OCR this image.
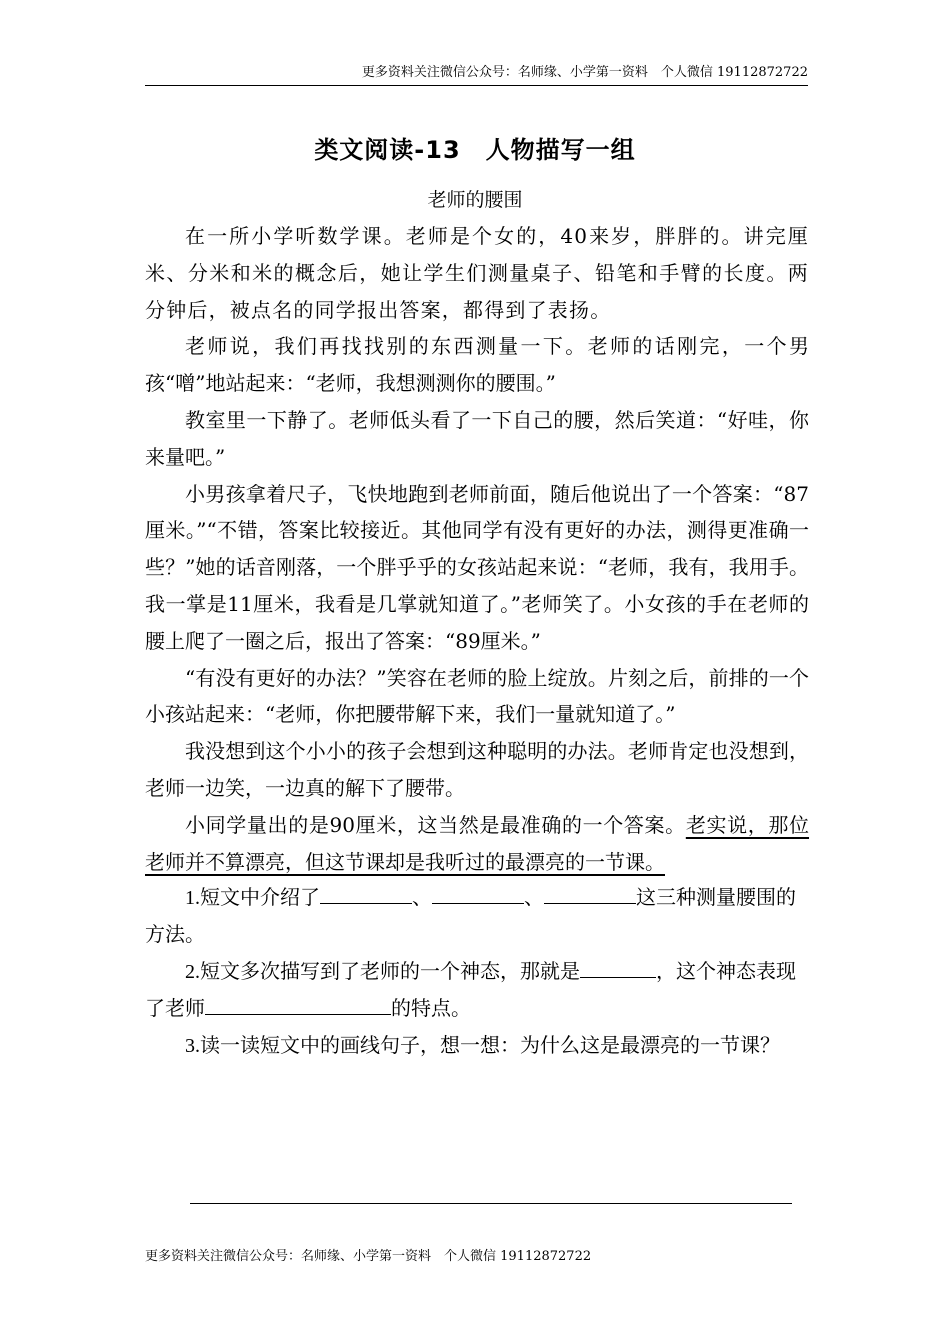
更多资料关注微信公众号：名师缘、小学第一资料　个人微信 19112872722
类文阅读-13　人物描写一组
老师的腰围

在一所小学听数学课。老师是个女的，40来岁，胖胖的。讲完厘米、分米和米的概念后，她让学生们测量桌子、铅笔和手臂的长度。两分钟后，被点名的同学报出答案，都得到了表扬。

老师说，我们再找找别的东西测量一下。老师的话刚完，一个男孩“噌”地站起来：“老师，我想测测你的腰围。”

教室里一下静了。老师低头看了一下自己的腰，然后笑道：“好哇，你来量吧。”

小男孩拿着尺子，飞快地跑到老师前面，随后他说出了一个答案：“87厘米。”“不错，答案比较接近。其他同学有没有更好的办法，测得更准确一些？”她的话音刚落，一个胖乎乎的女孩站起来说：“老师，我有，我用手。我一掌是11厘米，我看是几掌就知道了。”老师笑了。小女孩的手在老师的腰上爬了一圈之后，报出了答案：“89厘米。”

“有没有更好的办法？”笑容在老师的脸上绽放。片刻之后，前排的一个小孩站起来：“老师，你把腰带解下来，我们一量就知道了。”

我没想到这个小小的孩子会想到这种聪明的办法。老师肯定也没想到，老师一边笑，一边真的解下了腰带。

小同学量出的是90厘米，这当然是最准确的一个答案。老实说，那位老师并不算漂亮，但这节课却是我听过的最漂亮的一节课。

1.短文中介绍了	、	、	这三种测量腰围的方法。

2.短文多次描写到了老师的一个神态，那就是	，这个神态表现了老师	的特点。

3.读一读短文中的画线句子，想一想：为什么这是最漂亮的一节课？

更多资料关注微信公众号：名师缘、小学第一资料　个人微信 19112872722
